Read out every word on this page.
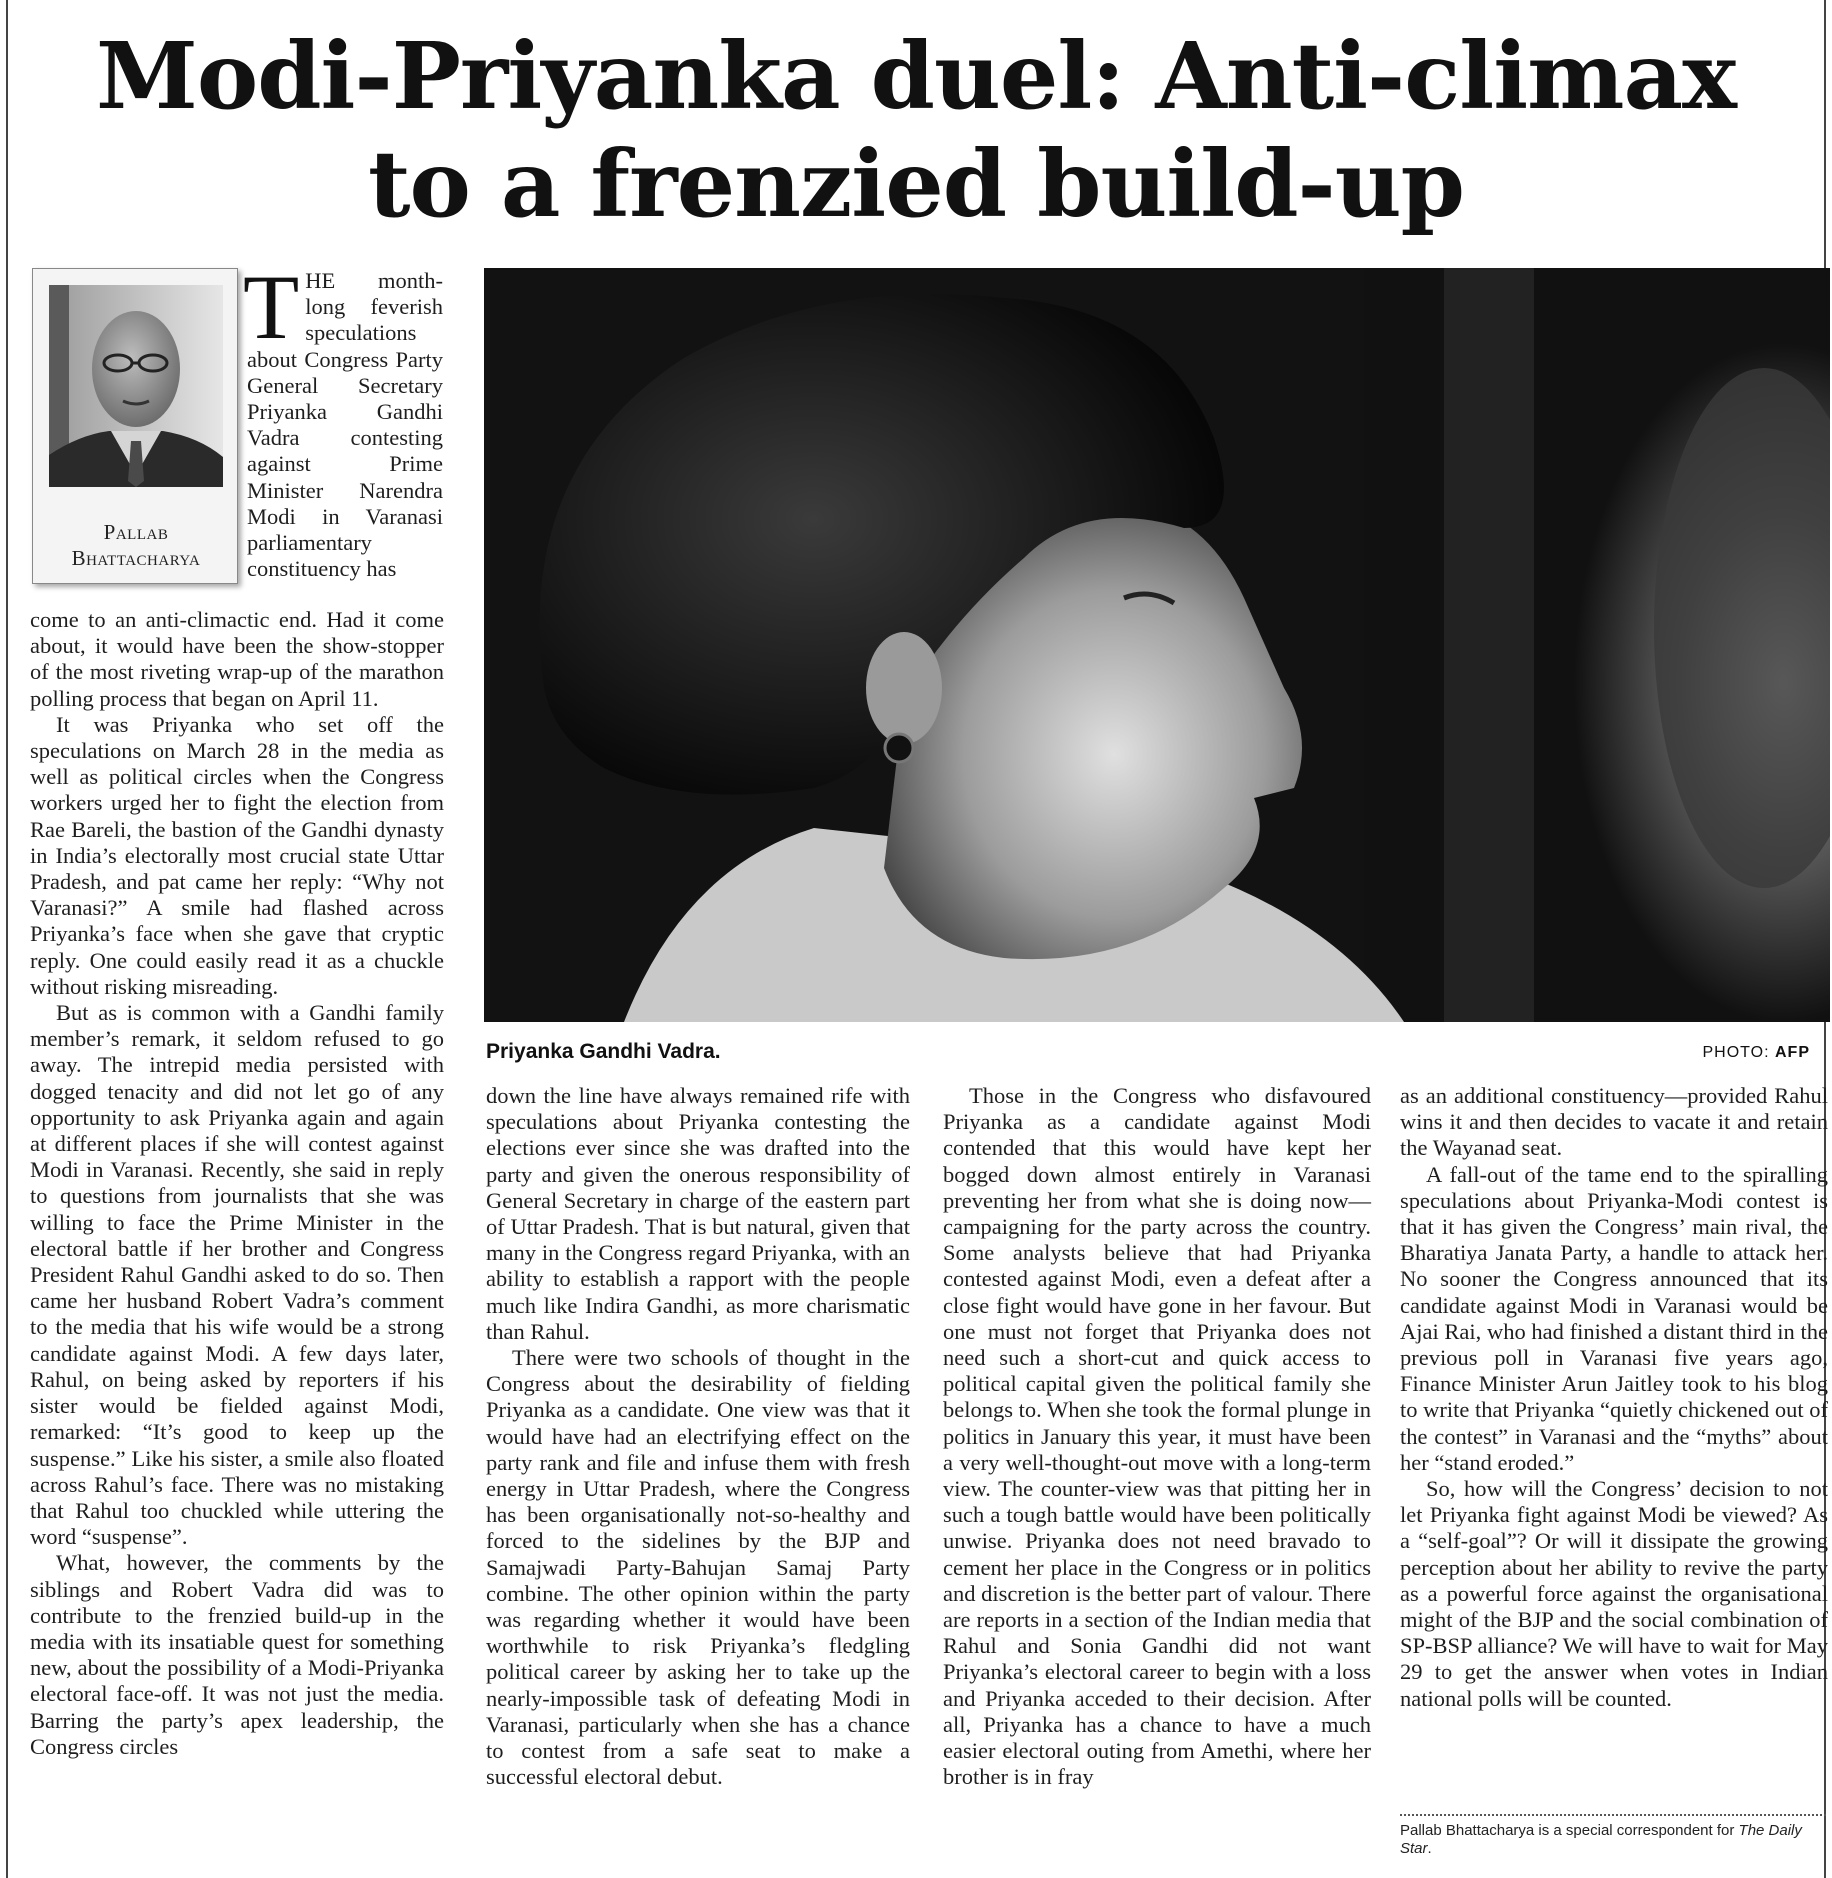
Modi-Priyanka duel: Anti-climax
to a frenzied build-up
Pallab
Bhattacharya

THE month-long feverish speculations about Congress Party General Secretary Priyanka Gandhi Vadra contesting against Prime Minister Narendra Modi in Varanasi parliamentary constituency has

come to an anti-climactic end. Had it come about, it would have been the show-stopper of the most riveting wrap-up of the marathon polling process that began on April 11.

It was Priyanka who set off the speculations on March 28 in the media as well as political circles when the Congress workers urged her to fight the election from Rae Bareli, the bastion of the Gandhi dynasty in India’s electorally most crucial state Uttar Pradesh, and pat came her reply: “Why not Varanasi?” A smile had flashed across Priyanka’s face when she gave that cryptic reply. One could easily read it as a chuckle without risking misreading.

But as is common with a Gandhi family member’s remark, it seldom refused to go away. The intrepid media persisted with dogged tenacity and did not let go of any opportunity to ask Priyanka again and again at different places if she will contest against Modi in Varanasi. Recently, she said in reply to questions from journalists that she was willing to face the Prime Minister in the electoral battle if her brother and Congress President Rahul Gandhi asked to do so. Then came her husband Robert Vadra’s comment to the media that his wife would be a strong candidate against Modi. A few days later, Rahul, on being asked by reporters if his sister would be fielded against Modi, remarked: “It’s good to keep up the suspense.” Like his sister, a smile also floated across Rahul’s face. There was no mistaking that Rahul too chuckled while uttering the word “suspense”.

What, however, the comments by the siblings and Robert Vadra did was to contribute to the frenzied build-up in the media with its insatiable quest for something new, about the possibility of a Modi-Priyanka electoral face-off. It was not just the media. Barring the party’s apex leadership, the Congress circles

Priyanka Gandhi Vadra.	PHOTO: AFP

down the line have always remained rife with speculations about Priyanka contesting the elections ever since she was drafted into the party and given the onerous responsibility of General Secretary in charge of the eastern part of Uttar Pradesh. That is but natural, given that many in the Congress regard Priyanka, with an ability to establish a rapport with the people much like Indira Gandhi, as more charismatic than Rahul.

There were two schools of thought in the Congress about the desirability of fielding Priyanka as a candidate. One view was that it would have had an electrifying effect on the party rank and file and infuse them with fresh energy in Uttar Pradesh, where the Congress has been organisationally not-so-healthy and forced to the sidelines by the BJP and Samajwadi Party-Bahujan Samaj Party combine. The other opinion within the party was regarding whether it would have been worthwhile to risk Priyanka’s fledgling political career by asking her to take up the nearly-impossible task of defeating Modi in Varanasi, particularly when she has a chance to contest from a safe seat to make a successful electoral debut.

Those in the Congress who disfavoured Priyanka as a candidate against Modi contended that this would have kept her bogged down almost entirely in Varanasi preventing her from what she is doing now—campaigning for the party across the country. Some analysts believe that had Priyanka contested against Modi, even a defeat after a close fight would have gone in her favour. But one must not forget that Priyanka does not need such a short-cut and quick access to political capital given the political family she belongs to. When she took the formal plunge in politics in January this year, it must have been a very well-thought-out move with a long-term view. The counter-view was that pitting her in such a tough battle would have been politically unwise. Priyanka does not need bravado to cement her place in the Congress or in politics and discretion is the better part of valour. There are reports in a section of the Indian media that Rahul and Sonia Gandhi did not want Priyanka’s electoral career to begin with a loss and Priyanka acceded to their decision. After all, Priyanka has a chance to have a much easier electoral outing from Amethi, where her brother is in fray

as an additional constituency—provided Rahul wins it and then decides to vacate it and retain the Wayanad seat.

A fall-out of the tame end to the spiralling speculations about Priyanka-Modi contest is that it has given the Congress’ main rival, the Bharatiya Janata Party, a handle to attack her. No sooner the Congress announced that its candidate against Modi in Varanasi would be Ajai Rai, who had finished a distant third in the previous poll in Varanasi five years ago, Finance Minister Arun Jaitley took to his blog to write that Priyanka “quietly chickened out of the contest” in Varanasi and the “myths” about her “stand eroded.”

So, how will the Congress’ decision to not let Priyanka fight against Modi be viewed? As a “self-goal”? Or will it dissipate the growing perception about her ability to revive the party as a powerful force against the organisational might of the BJP and the social combination of SP-BSP alliance? We will have to wait for May 29 to get the answer when votes in Indian national polls will be counted.

Pallab Bhattacharya is a special correspondent for The Daily Star.
